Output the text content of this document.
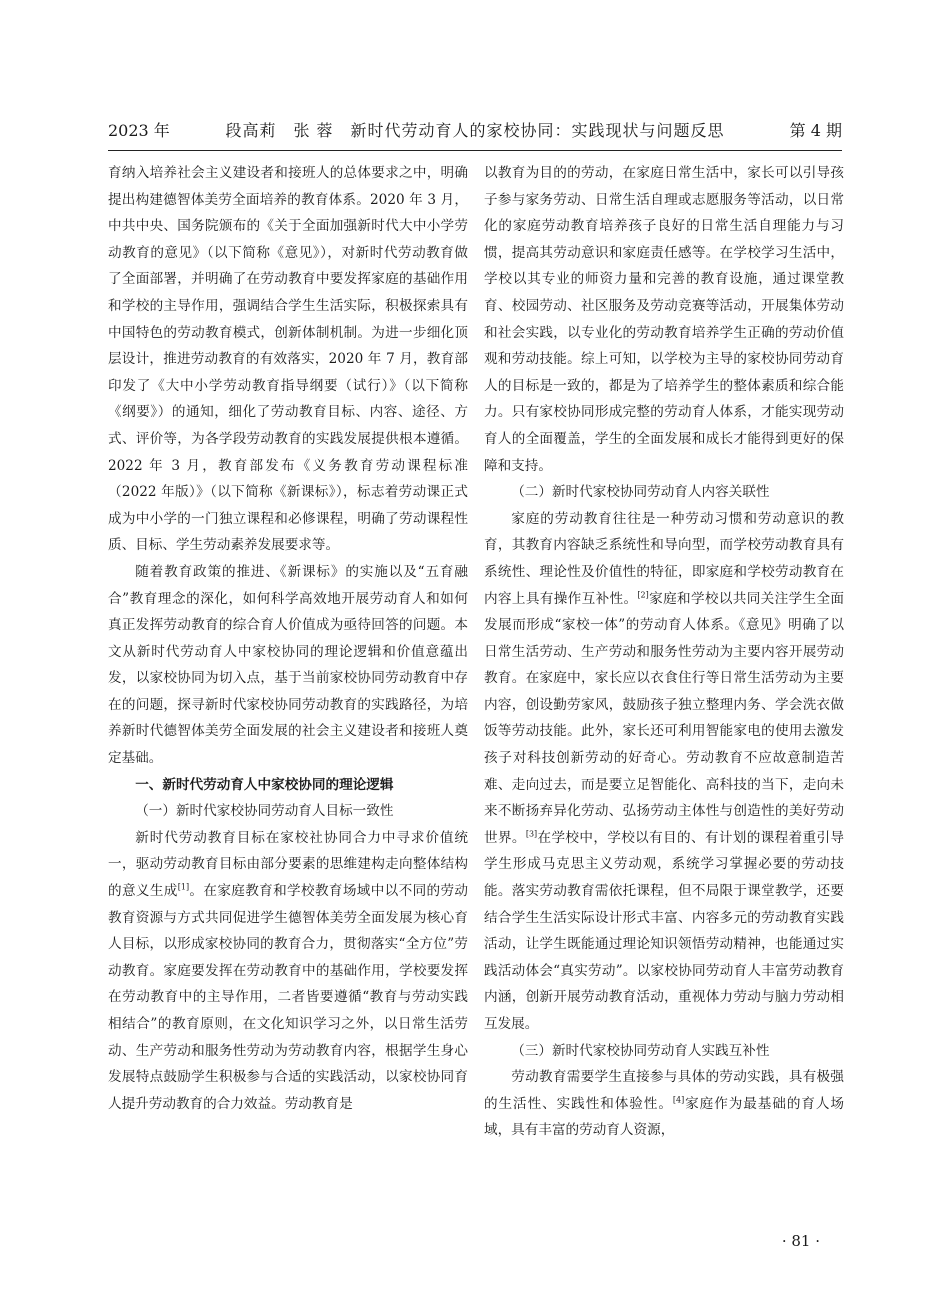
2023 年	段高莉　张 蓉　新时代劳动育人的家校协同：实践现状与问题反思	第 4 期

育纳入培养社会主义建设者和接班人的总体要求之中，明确提出构建德智体美劳全面培养的教育体系。2020 年 3 月，中共中央、国务院颁布的《关于全面加强新时代大中小学劳动教育的意见》（以下简称《意见》），对新时代劳动教育做了全面部署，并明确了在劳动教育中要发挥家庭的基础作用和学校的主导作用，强调结合学生生活实际，积极探索具有中国特色的劳动教育模式，创新体制机制。为进一步细化顶层设计，推进劳动教育的有效落实，2020 年 7 月，教育部印发了《大中小学劳动教育指导纲要（试行）》（以下简称《纲要》）的通知，细化了劳动教育目标、内容、途径、方式、评价等，为各学段劳动教育的实践发展提供根本遵循。2022 年 3 月，教育部发布《义务教育劳动课程标准（2022 年版）》（以下简称《新课标》），标志着劳动课正式成为中小学的一门独立课程和必修课程，明确了劳动课程性质、目标、学生劳动素养发展要求等。

随着教育政策的推进、《新课标》的实施以及“五育融合”教育理念的深化，如何科学高效地开展劳动育人和如何真正发挥劳动教育的综合育人价值成为亟待回答的问题。本文从新时代劳动育人中家校协同的理论逻辑和价值意蕴出发，以家校协同为切入点，基于当前家校协同劳动教育中存在的问题，探寻新时代家校协同劳动教育的实践路径，为培养新时代德智体美劳全面发展的社会主义建设者和接班人奠定基础。

一、新时代劳动育人中家校协同的理论逻辑

（一）新时代家校协同劳动育人目标一致性

新时代劳动教育目标在家校社协同合力中寻求价值统一，驱动劳动教育目标由部分要素的思维建构走向整体结构的意义生成[1]。在家庭教育和学校教育场域中以不同的劳动教育资源与方式共同促进学生德智体美劳全面发展为核心育人目标，以形成家校协同的教育合力，贯彻落实“全方位”劳动教育。家庭要发挥在劳动教育中的基础作用，学校要发挥在劳动教育中的主导作用，二者皆要遵循“教育与劳动实践相结合”的教育原则，在文化知识学习之外，以日常生活劳动、生产劳动和服务性劳动为劳动教育内容，根据学生身心发展特点鼓励学生积极参与合适的实践活动，以家校协同育人提升劳动教育的合力效益。劳动教育是

以教育为目的的劳动，在家庭日常生活中，家长可以引导孩子参与家务劳动、日常生活自理或志愿服务等活动，以日常化的家庭劳动教育培养孩子良好的日常生活自理能力与习惯，提高其劳动意识和家庭责任感等。在学校学习生活中，学校以其专业的师资力量和完善的教育设施，通过课堂教育、校园劳动、社区服务及劳动竞赛等活动，开展集体劳动和社会实践，以专业化的劳动教育培养学生正确的劳动价值观和劳动技能。综上可知，以学校为主导的家校协同劳动育人的目标是一致的，都是为了培养学生的整体素质和综合能力。只有家校协同形成完整的劳动育人体系，才能实现劳动育人的全面覆盖，学生的全面发展和成长才能得到更好的保障和支持。

（二）新时代家校协同劳动育人内容关联性

家庭的劳动教育往往是一种劳动习惯和劳动意识的教育，其教育内容缺乏系统性和导向型，而学校劳动教育具有系统性、理论性及价值性的特征，即家庭和学校劳动教育在内容上具有操作互补性。[2]家庭和学校以共同关注学生全面发展而形成“家校一体”的劳动育人体系。《意见》明确了以日常生活劳动、生产劳动和服务性劳动为主要内容开展劳动教育。在家庭中，家长应以衣食住行等日常生活劳动为主要内容，创设勤劳家风，鼓励孩子独立整理内务、学会洗衣做饭等劳动技能。此外，家长还可利用智能家电的使用去激发孩子对科技创新劳动的好奇心。劳动教育不应故意制造苦难、走向过去，而是要立足智能化、高科技的当下，走向未来不断扬弃异化劳动、弘扬劳动主体性与创造性的美好劳动世界。[3]在学校中，学校以有目的、有计划的课程着重引导学生形成马克思主义劳动观，系统学习掌握必要的劳动技能。落实劳动教育需依托课程，但不局限于课堂教学，还要结合学生生活实际设计形式丰富、内容多元的劳动教育实践活动，让学生既能通过理论知识领悟劳动精神，也能通过实践活动体会“真实劳动”。以家校协同劳动育人丰富劳动教育内涵，创新开展劳动教育活动，重视体力劳动与脑力劳动相互发展。

（三）新时代家校协同劳动育人实践互补性

劳动教育需要学生直接参与具体的劳动实践，具有极强的生活性、实践性和体验性。[4]家庭作为最基础的育人场域，具有丰富的劳动育人资源，

· 81 ·
